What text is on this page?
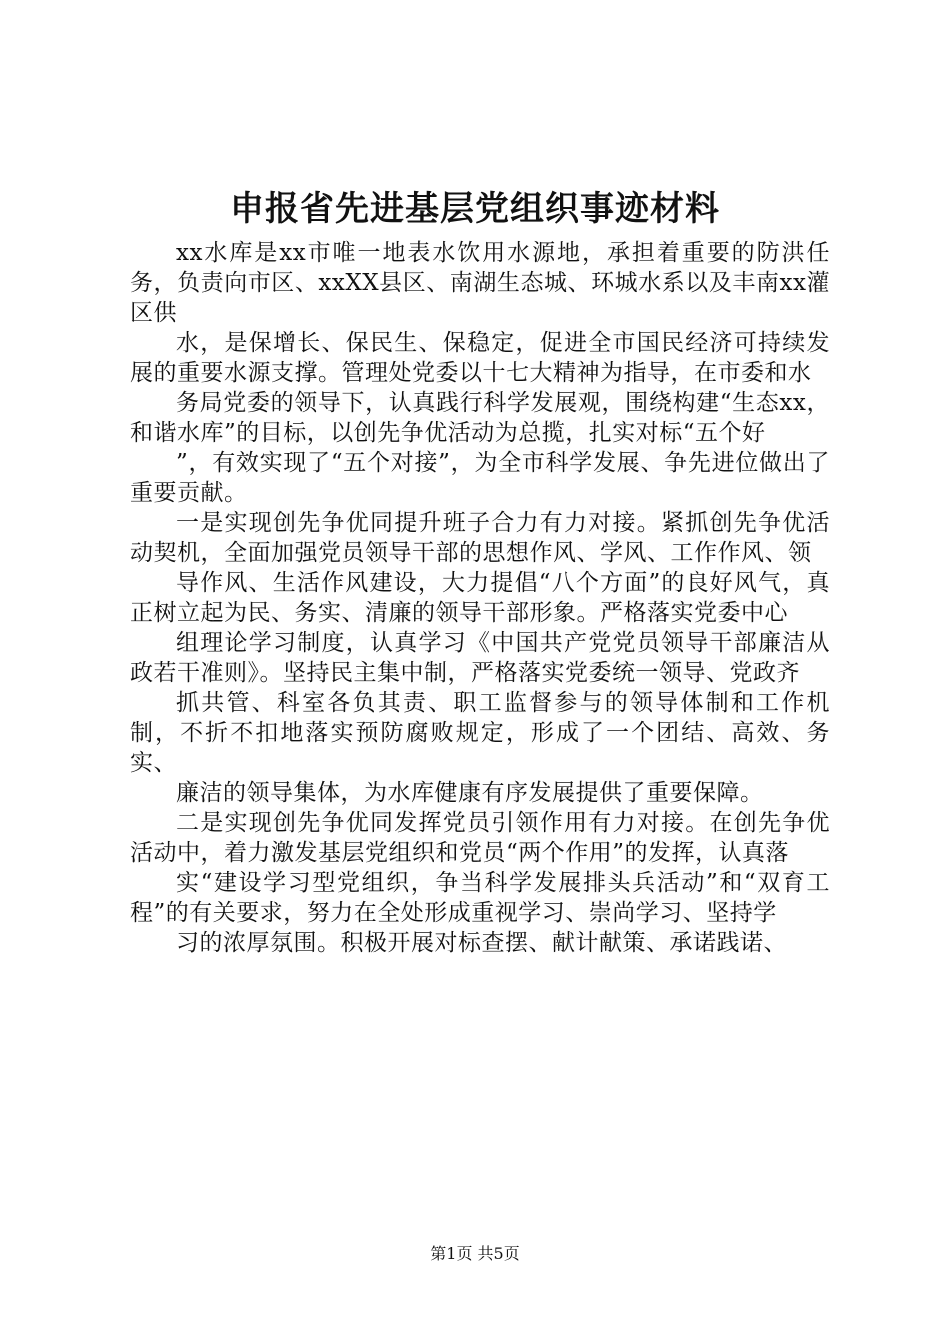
申报省先进基层党组织事迹材料

xx水库是xx市唯一地表水饮用水源地，承担着重要的防洪任务，负责向市区、xxXX县区、南湖生态城、环城水系以及丰南xx灌区供

水，是保增长、保民生、保稳定，促进全市国民经济可持续发展的重要水源支撑。管理处党委以十七大精神为指导，在市委和水

务局党委的领导下，认真践行科学发展观，围绕构建“生态xx，和谐水库”的目标，以创先争优活动为总揽，扎实对标“五个好

”，有效实现了“五个对接”，为全市科学发展、争先进位做出了重要贡献。

一是实现创先争优同提升班子合力有力对接。紧抓创先争优活动契机，全面加强党员领导干部的思想作风、学风、工作作风、领

导作风、生活作风建设，大力提倡“八个方面”的良好风气，真正树立起为民、务实、清廉的领导干部形象。严格落实党委中心

组理论学习制度，认真学习《中国共产党党员领导干部廉洁从政若干准则》。坚持民主集中制，严格落实党委统一领导、党政齐

抓共管、科室各负其责、职工监督参与的领导体制和工作机制，不折不扣地落实预防腐败规定，形成了一个团结、高效、务实、

廉洁的领导集体，为水库健康有序发展提供了重要保障。

二是实现创先争优同发挥党员引领作用有力对接。在创先争优活动中，着力激发基层党组织和党员“两个作用”的发挥，认真落

实“建设学习型党组织，争当科学发展排头兵活动”和“双育工程”的有关要求，努力在全处形成重视学习、崇尚学习、坚持学

习的浓厚氛围。积极开展对标查摆、献计献策、承诺践诺、

第1页 共5页
